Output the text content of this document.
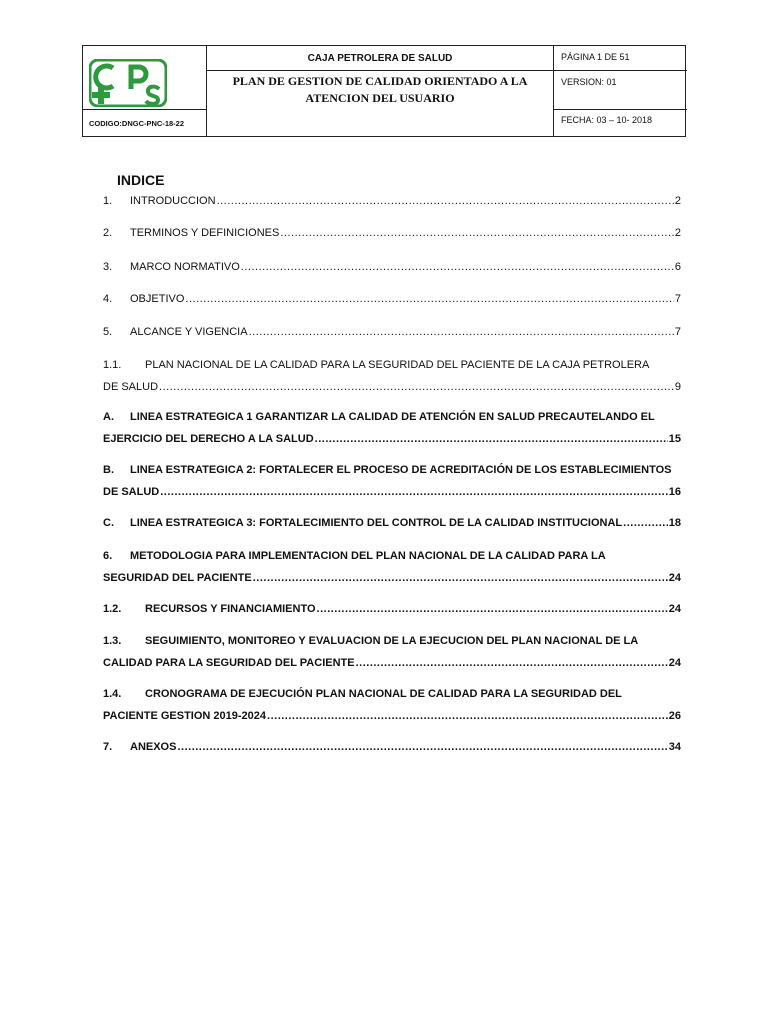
CODIGO:DNGC-PNC-18-22
CAJA PETROLERA DE SALUD
PLAN DE GESTION DE CALIDAD ORIENTADO A LA
ATENCION DEL USUARIO
PÁGINA 1 DE 51
VERSION: 01
FECHA: 03 – 10- 2018
INDICE
1.	INTRODUCCION .....	2
2.	TERMINOS Y DEFINICIONES .....	2
3.	MARCO NORMATIVO .....	6
4.	OBJETIVO .....	7
5.	ALCANCE Y VIGENCIA .....	7
1.1.	PLAN NACIONAL DE LA CALIDAD PARA LA SEGURIDAD DEL PACIENTE DE LA CAJA PETROLERA
DE SALUD .....	9
A.	LINEA ESTRATEGICA 1 GARANTIZAR LA CALIDAD DE ATENCIÓN EN SALUD PRECAUTELANDO EL
EJERCICIO DEL DERECHO A LA SALUD .....	15
B.	LINEA ESTRATEGICA 2: FORTALECER EL PROCESO DE ACREDITACIÓN DE LOS ESTABLECIMIENTOS
DE SALUD .....	16
C.	LINEA ESTRATEGICA 3: FORTALECIMIENTO DEL CONTROL DE LA CALIDAD INSTITUCIONAL .....	18
6.	METODOLOGIA PARA IMPLEMENTACION DEL PLAN NACIONAL DE LA CALIDAD PARA LA
SEGURIDAD DEL PACIENTE .....	24
1.2.	RECURSOS Y FINANCIAMIENTO .....	24
1.3.	SEGUIMIENTO, MONITOREO Y EVALUACION DE LA EJECUCION DEL PLAN NACIONAL DE LA
CALIDAD PARA LA SEGURIDAD DEL PACIENTE .....	24
1.4.	CRONOGRAMA DE EJECUCIÓN PLAN NACIONAL DE CALIDAD PARA LA SEGURIDAD DEL
PACIENTE GESTION 2019-2024 .....	26
7.	ANEXOS .....	34
